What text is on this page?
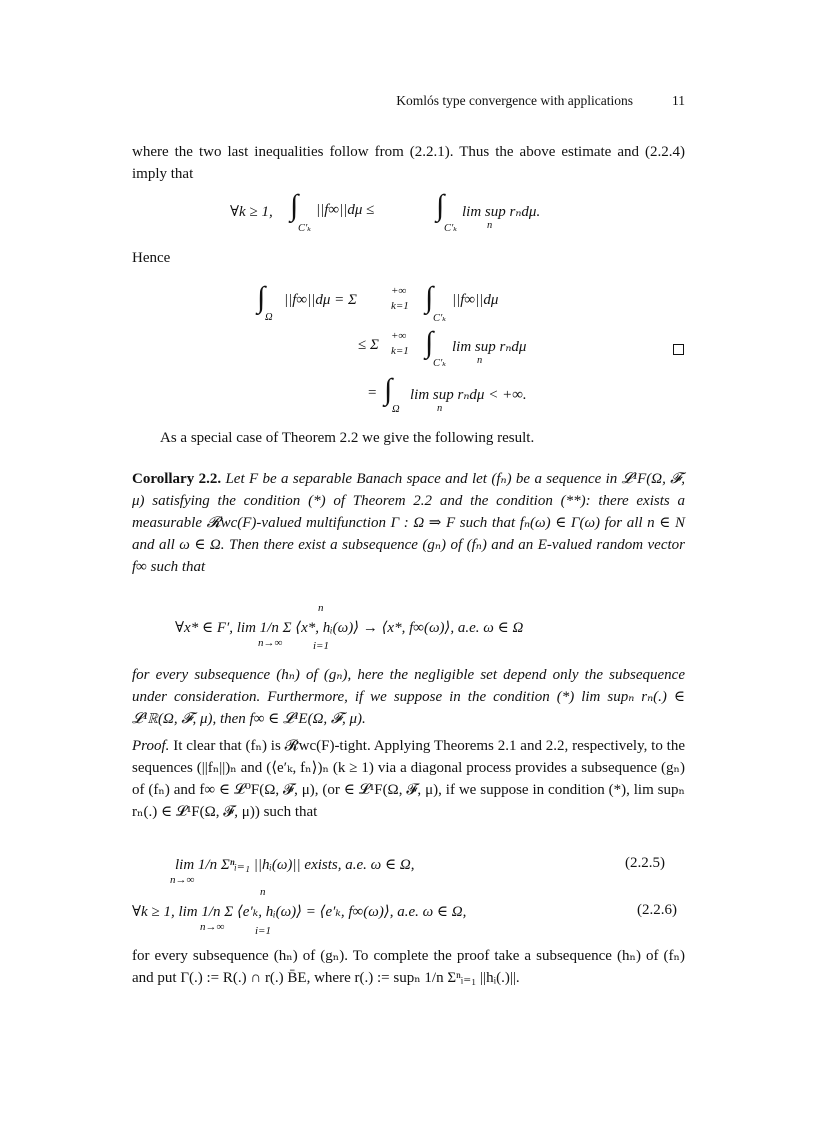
Komlós type convergence with applications	11
where the two last inequalities follow from (2.2.1). Thus the above estimate and (2.2.4) imply that
∀k ≥ 1, ∫
C′ₖ
||f∞||dμ ≤ ∫
C′ₖ
lim sup rₙdμ.
n
Hence
∫
Ω
||f∞||dμ = Σ
+∞
k=1 ∫
C′ₖ
||f∞||dμ
≤ Σ
+∞
k=1 ∫
C′ₖ
lim sup rₙdμ
n
= ∫
Ω
lim sup rₙdμ < +∞.
n
As a special case of Theorem 2.2 we give the following result.
Corollary 2.2. Let F be a separable Banach space and let (fₙ) be a sequence in 𝓛¹F(Ω, 𝓕, μ) satisfying the condition (*) of Theorem 2.2 and the condition (**): there exists a measurable 𝓡wc(F)-valued multifunction Γ : Ω ⇒ F such that fₙ(ω) ∈ Γ(ω) for all n ∈ N and all ω ∈ Ω. Then there exist a subsequence (gₙ) of (fₙ) and an E-valued random vector f∞ such that
∀x* ∈ F′, lim 1/n Σ ⟨x*, hᵢ(ω)⟩ → ⟨x*, f∞(ω)⟩, a.e. ω ∈ Ω
n→∞
n
i=1
for every subsequence (hₙ) of (gₙ), here the negligible set depend only the subsequence under consideration. Furthermore, if we suppose in the condition (*) lim supₙ rₙ(.) ∈ 𝓛¹ℝ(Ω, 𝓕, μ), then f∞ ∈ 𝓛¹E(Ω, 𝓕, μ).
Proof. It clear that (fₙ) is 𝓡wc(F)-tight. Applying Theorems 2.1 and 2.2, respectively, to the sequences (||fₙ||)ₙ and (⟨e′ₖ, fₙ⟩)ₙ (k ≥ 1) via a diagonal process provides a subsequence (gₙ) of (fₙ) and f∞ ∈ 𝓛⁰F(Ω, 𝓕, μ), (or ∈ 𝓛¹F(Ω, 𝓕, μ), if we suppose in condition (*), lim supₙ rₙ(.) ∈ 𝓛¹F(Ω, 𝓕, μ)) such that
lim 1/n Σⁿᵢ₌₁ ||hᵢ(ω)|| exists, a.e. ω ∈ Ω,
n→∞
(2.2.5)
∀k ≥ 1, lim 1/n Σ ⟨e′ₖ, hᵢ(ω)⟩ = ⟨e′ₖ, f∞(ω)⟩, a.e. ω ∈ Ω,
n→∞
n
i=1
(2.2.6)
for every subsequence (hₙ) of (gₙ). To complete the proof take a subsequence (hₙ) of (fₙ) and put Γ(.) := R(.) ∩ r(.) B̄E, where r(.) := supₙ 1/n Σⁿᵢ₌₁ ||hᵢ(.)||.
